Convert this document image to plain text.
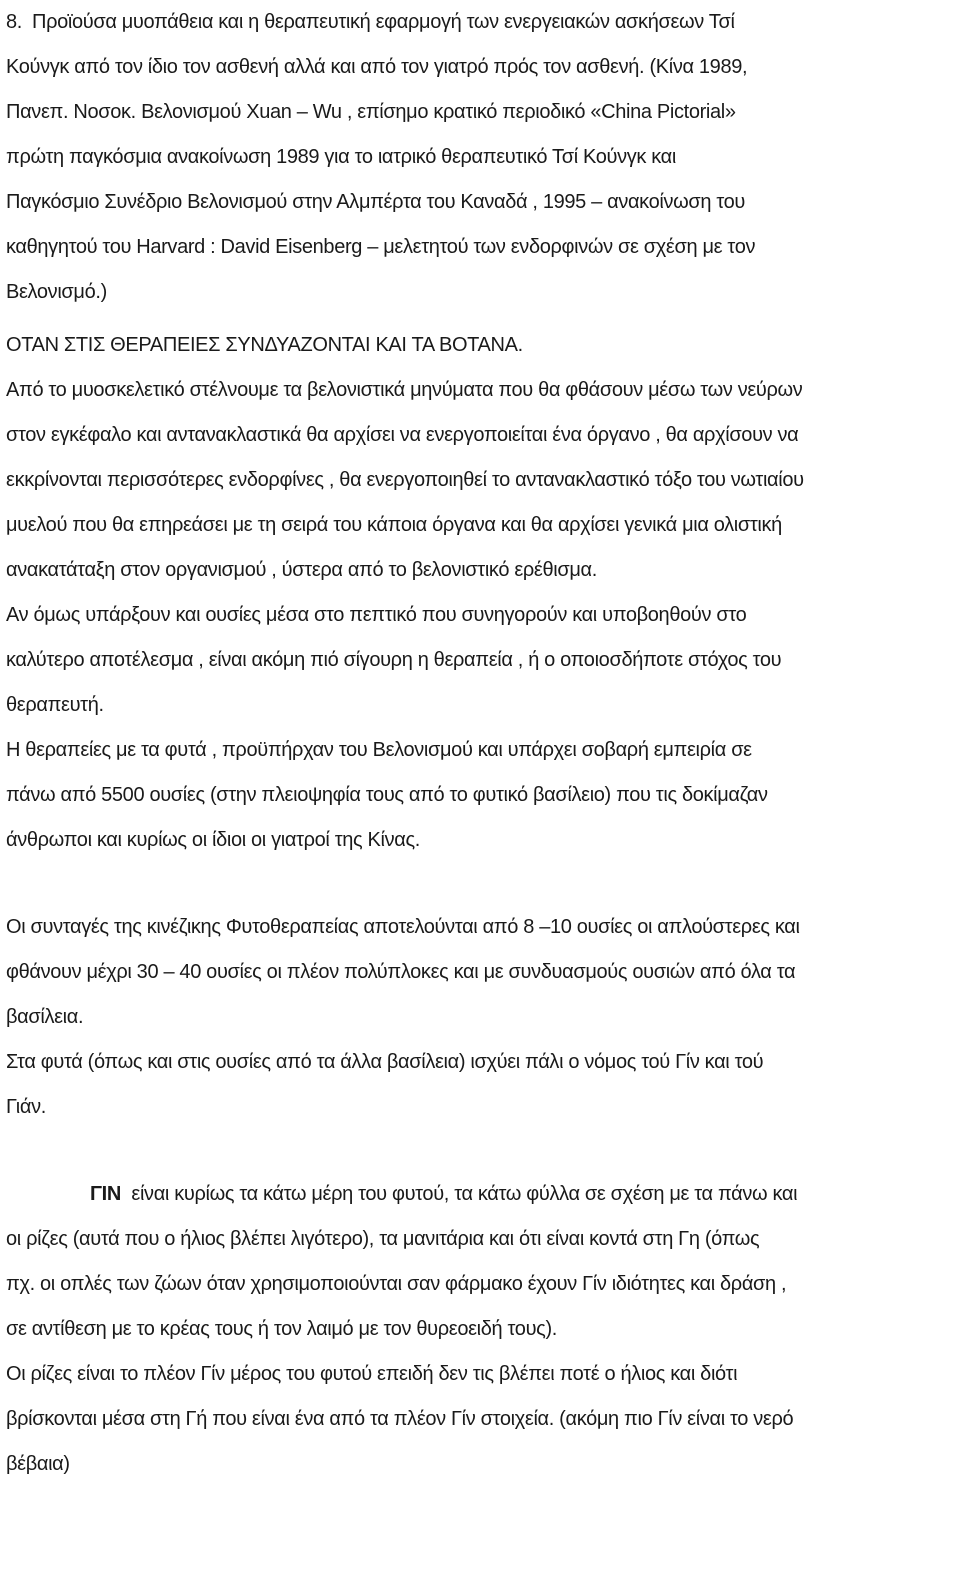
8. Προϊούσα μυοπάθεια και η θεραπευτική εφαρμογή των ενεργειακών ασκήσεων Τσί
Κούνγκ από τον ίδιο τον ασθενή αλλά και από τον γιατρό πρός τον ασθενή. (Κίνα 1989,
Πανεπ. Νοσοκ. Βελονισμού Xuan – Wu , επίσημο κρατικό περιοδικό «China Pictorial»
πρώτη παγκόσμια ανακοίνωση 1989 για το ιατρικό θεραπευτικό Τσί Κούνγκ και
Παγκόσμιο Συνέδριο Βελονισμού στην Αλμπέρτα του Καναδά , 1995 – ανακοίνωση του
καθηγητού του Harvard : David Eisenberg – μελετητού των ενδορφινών σε σχέση με τον
Βελονισμό.)
ΟΤΑΝ ΣΤΙΣ ΘΕΡΑΠΕΙΕΣ ΣΥΝΔΥΑΖΟΝΤΑΙ ΚΑΙ ΤΑ ΒΟΤΑΝΑ.
Από το μυοσκελετικό στέλνουμε τα βελονιστικά μηνύματα που θα φθάσουν μέσω των νεύρων
στον εγκέφαλο και αντανακλαστικά θα αρχίσει να ενεργοποιείται ένα όργανο , θα αρχίσουν να
εκκρίνονται περισσότερες ενδορφίνες , θα ενεργοποιηθεί το αντανακλαστικό τόξο του νωτιαίου
μυελού που θα επηρεάσει με τη σειρά του κάποια όργανα και θα αρχίσει γενικά μια ολιστική
ανακατάταξη στον οργανισμού , ύστερα από το βελονιστικό ερέθισμα.
Αν όμως υπάρξουν και ουσίες μέσα στο πεπτικό που συνηγορούν και υποβοηθούν στο
καλύτερο αποτέλεσμα , είναι ακόμη πιό σίγουρη η θεραπεία , ή ο οποιοσδήποτε στόχος του
θεραπευτή.
Η θεραπείες με τα φυτά , προϋπήρχαν του Βελονισμού και υπάρχει σοβαρή εμπειρία σε
πάνω από 5500 ουσίες (στην πλειοψηφία τους από το φυτικό βασίλειο) που τις δοκίμαζαν
άνθρωποι και κυρίως οι ίδιοι οι γιατροί της Κίνας.
Οι συνταγές της κινέζικης Φυτοθεραπείας αποτελούνται από 8 –10 ουσίες οι απλούστερες και
φθάνουν μέχρι 30 – 40 ουσίες οι πλέον πολύπλοκες και με συνδυασμούς ουσιών από όλα τα
βασίλεια.
Στα φυτά (όπως και στις ουσίες από τα άλλα βασίλεια) ισχύει πάλι ο νόμος τού Γίν και τού
Γιάν.
ΓΙΝ  είναι κυρίως τα κάτω μέρη του φυτού, τα κάτω φύλλα σε σχέση με τα πάνω και
οι ρίζες (αυτά που ο ήλιος βλέπει λιγότερο), τα μανιτάρια και ότι είναι κοντά στη Γη (όπως
πχ. οι οπλές των ζώων όταν χρησιμοποιούνται σαν φάρμακο έχουν Γίν ιδιότητες και δράση ,
σε αντίθεση με το κρέας τους ή τον λαιμό με τον θυρεοειδή τους).
Οι ρίζες είναι το πλέον Γίν μέρος του φυτού επειδή δεν τις βλέπει ποτέ ο ήλιος και διότι
βρίσκονται μέσα στη Γή που είναι ένα από τα πλέον Γίν στοιχεία. (ακόμη πιο Γίν είναι το νερό
βέβαια)
